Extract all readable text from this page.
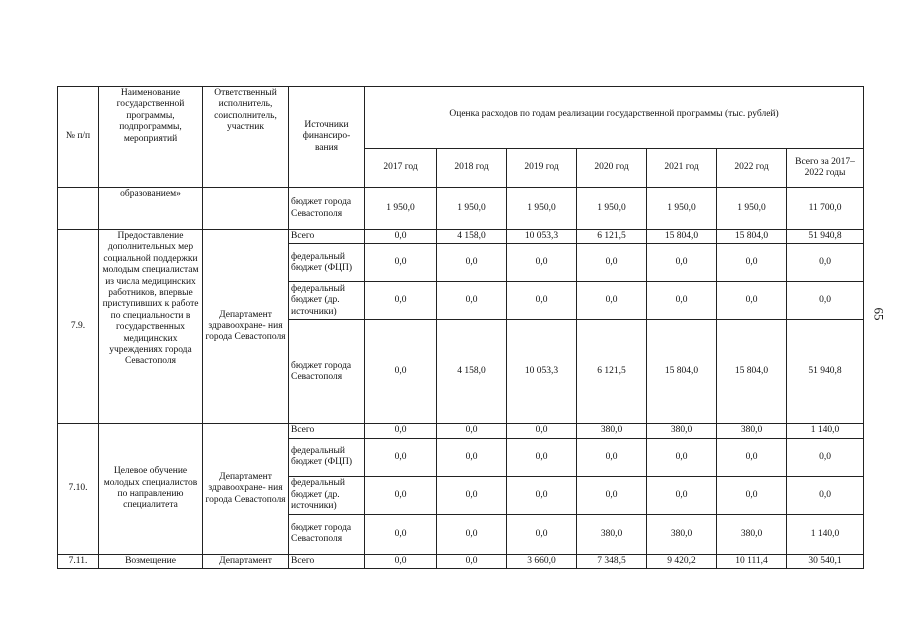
№ п/п	Наименование государственной программы, подпрограммы, мероприятий	Ответственный исполнитель, соисполнитель, участник	Источники финансиро- вания	Оценка расходов по годам реализации государственной программы (тыс. рублей)						
				2017 год	2018 год	2019 год	2020 год	2021 год	2022 год	Всего за 2017–2022 годы
	образованием»		бюджет города Севастополя	1 950,0	1 950,0	1 950,0	1 950,0	1 950,0	1 950,0	11 700,0
7.9.	Предоставление дополнительных мер социальной поддержки молодым специалистам из числа медицинских работников, впервые приступивших к работе по специальности в государственных медицинских учреждениях города Севастополя	Департамент здравоохране- ния города Севастополя	Всего	0,0	4 158,0	10 053,3	6 121,5	15 804,0	15 804,0	51 940,8
			федеральный бюджет (ФЦП)	0,0	0,0	0,0	0,0	0,0	0,0	0,0
			федеральный бюджет (др. источники)	0,0	0,0	0,0	0,0	0,0	0,0	0,0
			бюджет города Севастополя	0,0	4 158,0	10 053,3	6 121,5	15 804,0	15 804,0	51 940,8
7.10.	Целевое обучение молодых специалистов по направлению специалитета	Департамент здравоохране- ния города Севастополя	Всего	0,0	0,0	0,0	380,0	380,0	380,0	1 140,0
			федеральный бюджет (ФЦП)	0,0	0,0	0,0	0,0	0,0	0,0	0,0
			федеральный бюджет (др. источники)	0,0	0,0	0,0	0,0	0,0	0,0	0,0
			бюджет города Севастополя	0,0	0,0	0,0	380,0	380,0	380,0	1 140,0
7.11.	Возмещение	Департамент	Всего	0,0	0,0	3 660,0	7 348,5	9 420,2	10 111,4	30 540,1
65
